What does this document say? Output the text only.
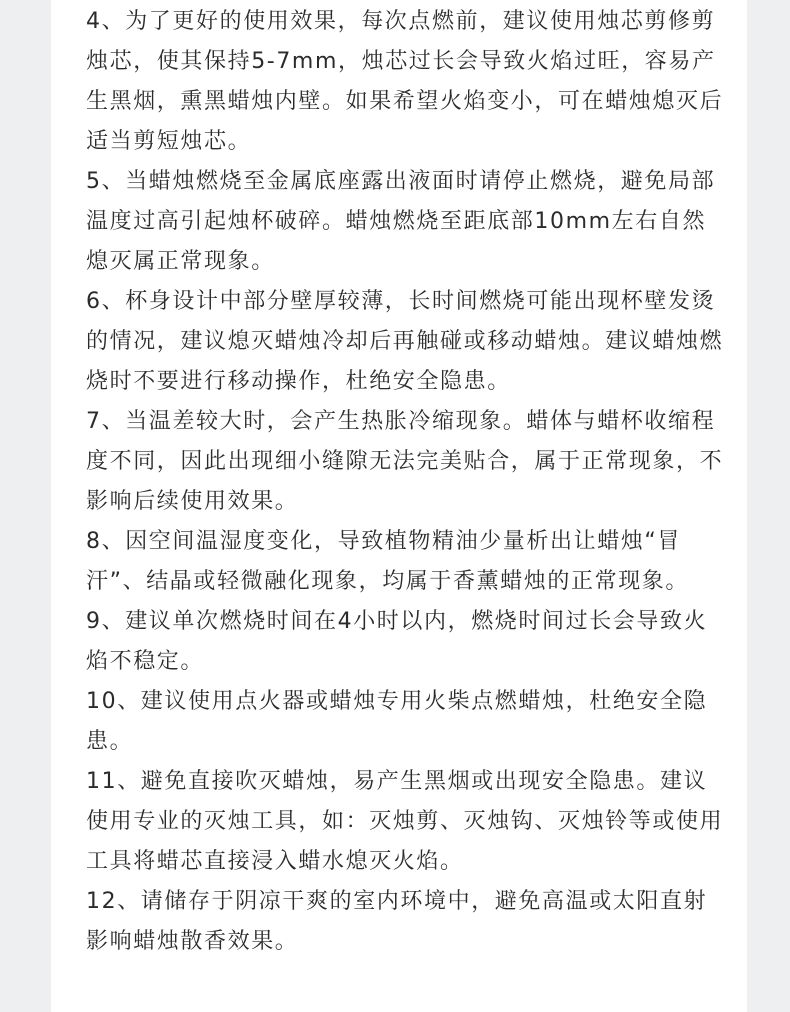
4、为了更好的使用效果，每次点燃前，建议使用烛芯剪修剪烛芯，使其保持5-7mm，烛芯过长会导致火焰过旺，容易产生黑烟，熏黑蜡烛内壁。如果希望火焰变小，可在蜡烛熄灭后适当剪短烛芯。

5、当蜡烛燃烧至金属底座露出液面时请停止燃烧，避免局部温度过高引起烛杯破碎。蜡烛燃烧至距底部10mm左右自然熄灭属正常现象。

6、杯身设计中部分壁厚较薄，长时间燃烧可能出现杯壁发烫的情况，建议熄灭蜡烛冷却后再触碰或移动蜡烛。建议蜡烛燃烧时不要进行移动操作，杜绝安全隐患。

7、当温差较大时，会产生热胀冷缩现象。蜡体与蜡杯收缩程度不同，因此出现细小缝隙无法完美贴合，属于正常现象，不影响后续使用效果。

8、因空间温湿度变化，导致植物精油少量析出让蜡烛“冒汗”、结晶或轻微融化现象，均属于香薰蜡烛的正常现象。

9、建议单次燃烧时间在4小时以内，燃烧时间过长会导致火焰不稳定。

10、建议使用点火器或蜡烛专用火柴点燃蜡烛，杜绝安全隐患。

11、避免直接吹灭蜡烛，易产生黑烟或出现安全隐患。建议使用专业的灭烛工具，如：灭烛剪、灭烛钩、灭烛铃等或使用工具将蜡芯直接浸入蜡水熄灭火焰。

12、请储存于阴凉干爽的室内环境中，避免高温或太阳直射影响蜡烛散香效果。
